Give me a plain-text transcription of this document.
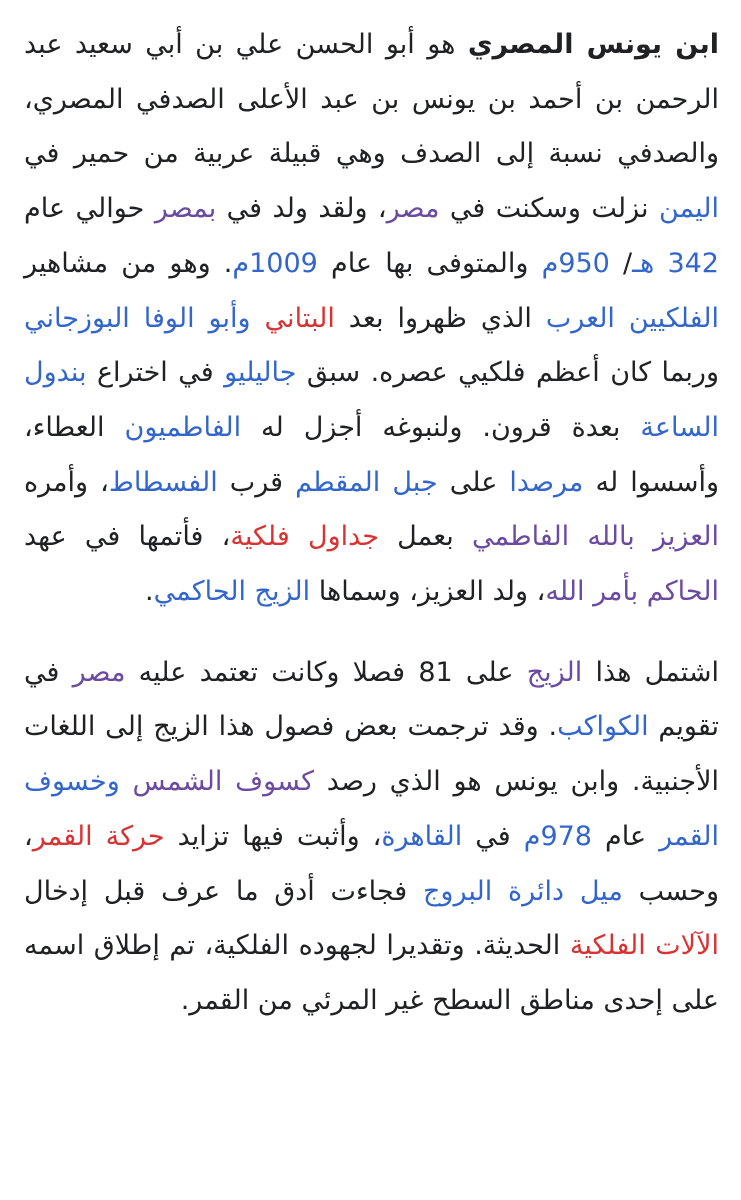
ابن يونس المصري هو أبو الحسن علي بن أبي سعيد عبد الرحمن بن أحمد بن يونس بن عبد الأعلى الصدفي المصري، والصدفي نسبة إلى الصدف وهي قبيلة عربية من حمير في اليمن نزلت وسكنت في مصر، ولقد ولد في بمصر حوالي عام 342 هـ/ 950م والمتوفى بها عام 1009م. وهو من مشاهير الفلكيين العرب الذي ظهروا بعد البتاني وأبو الوفا البوزجاني وربما كان أعظم فلكيي عصره. سبق جاليليو في اختراع بندول الساعة بعدة قرون. ولنبوغه أجزل له الفاطميون العطاء، وأسسوا له مرصدا على جبل المقطم قرب الفسطاط، وأمره العزيز بالله الفاطمي بعمل جداول فلكية، فأتمها في عهد الحاكم بأمر الله، ولد العزيز، وسماها الزيج الحاكمي.

اشتمل هذا الزيج على 81 فصلا وكانت تعتمد عليه مصر في تقويم الكواكب. وقد ترجمت بعض فصول هذا الزيج إلى اللغات الأجنبية. وابن يونس هو الذي رصد كسوف الشمس وخسوف القمر عام 978م في القاهرة، وأثبت فيها تزايد حركة القمر، وحسب ميل دائرة البروج فجاءت أدق ما عرف قبل إدخال الآلات الفلكية الحديثة. وتقديرا لجهوده الفلكية، تم إطلاق اسمه على إحدى مناطق السطح غير المرئي من القمر.
